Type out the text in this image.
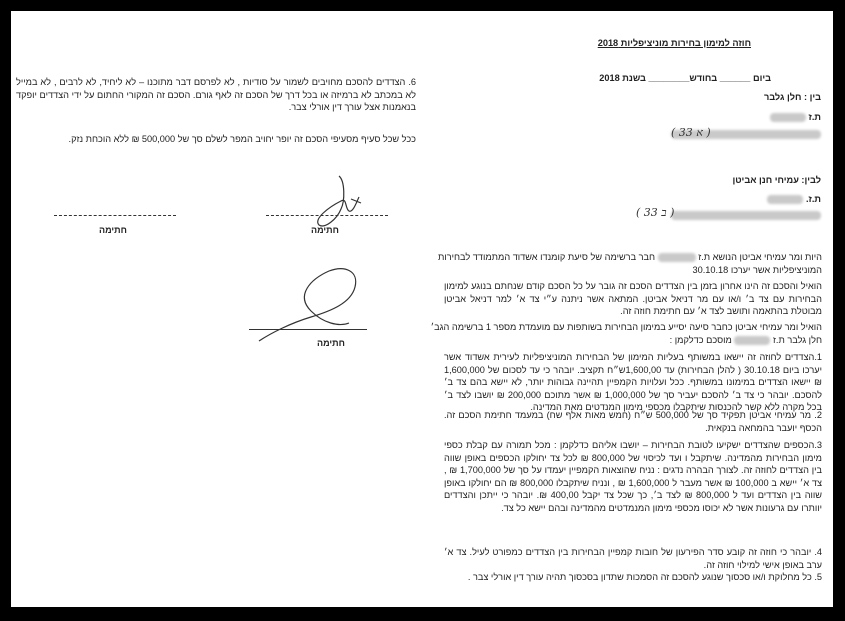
חוזה למימון בחירות מוניציפליות 2018
ביום ______ בחודש________ בשנת 2018
בין : חלן גלבר
ת.ז
( ‏א 33 )
לבין: עמיחי חנן אביטן
ת.ז.
( ב 33 )
היות ומר עמיחי אביטן הנושא ת.ז  חבר ברשימה של סיעת קומנדו אשדוד המתמודד לבחירות
המוניציפליות אשר יערכו 30.10.18
הואיל והסכם זה הינו אחרון בזמן בין הצדדים הסכם זה גובר על כל הסכם קודם שנחתם בנוגע למימון הבחירות עם צד ב׳ ו/או עם מר דניאל אביטן. המתאה אשר ניתנה ע״י צד א׳ למר דניאל אביטן מבוטלת בהתאמה ותושב לצד א׳ עם חתימת חוזה זה.
הואיל ומר עמיחי אביטן כחבר סיעה יסייע במימון הבחירות בשותפות עם מועמדת מספר 1 ברשימה הגב׳
חלן גלבר ת.ז  מוסכם כדלקמן :
1.הצדדים לחוזה זה יישאו במשותף בעליות המימון של הבחירות המוניציפליות לעירית אשדוד אשר יערכו ביום 30.10.18 ( להלן הבחירות) עד 1,600,00ש״ח תקציב. יובהר כי עד לסכום של 1,600,000 ₪ יישאו הצדדים במימונו במשותף. ככל ועלויות הקמפיין תהיינה גבוהות יותר, לא יישא בהם צד ב׳ להסכם. יובהר כי צד ב׳ להסכם יעביר סך של 1,000,000 ₪ אשר מתוכם 200,000 ₪ יושבו לצד ב׳ בכל מקרה ללא קשר להכנסות שיתקבלו מכספי מימון המנדטים מאת המדינה.
2. מר עמיחי אביטן תפקיד סך של 500,000 ש״ח (חמש מאות אלף שח) במעמד חתימת הסכם זה. הכסף יועבר בהמחאה בנקאית.
3.הכספים שהצדדים ישקיעו לטובת הבחירות – יושבו אליהם כדלקמן : מכל תמורה עם קבלת כספי מימון הבחירות מהמדינה. שיתקבל ו ועד לכיסוי של 800,000 ₪ לכל צד יחולקו הכספים באופן שווה בין הצדדים לחוזה זה. לצורך הבהרה נדגים : נניח שהוצאות הקמפיין יעמדו על סך של 1,700,000 ₪ , צד א׳ יישא ב 100,000 ₪ אשר מעבר ל 1,600,000 ₪ , ונניח שיתקבלו 800,000 ₪ הם יחולקו באופן שווה בין הצדדים ועד ל 800,000 ₪ לצד ב׳, כך שכל צד יקבל 400,00 ₪. יובהר כי ייתכן והצדדים יוותרו עם גרעונות אשר לא יכוסו מכספי מימון המנמדטים מהמדינה ובהם יישא כל צד.
4. יובהר כי חוזה זה קובע סדר הפירעון של חובות קמפיין הבחירות בין הצדדים כמפורט לעיל. צד א׳ ערב באופן אישי למילוי חוזה זה.
5. כל מחלוקת ו/או סכסוך שנוגע להסכם זה הסמכות שתדון בסכסוך תהיה עורך דין אורלי צבר .
6. הצדדים להסכם מחויבים לשמור על סודיות , לא לפרסם דבר מתוכנו – לא ליחיד, לא לרבים , לא במייל לא במכתב לא ברמיזה או בכל דרך של הסכם זה לאף גורם. הסכם זה המקורי החתום על ידי הצדדים יופקד בנאמנות אצל עורך דין אורלי צבר.
ככל שכל סעיף מסעיפי הסכם זה יופר יחויב המפר לשלם סך של 500,000 ₪ ללא הוכחת נזק.
חתימה
חתימה
חתימה
